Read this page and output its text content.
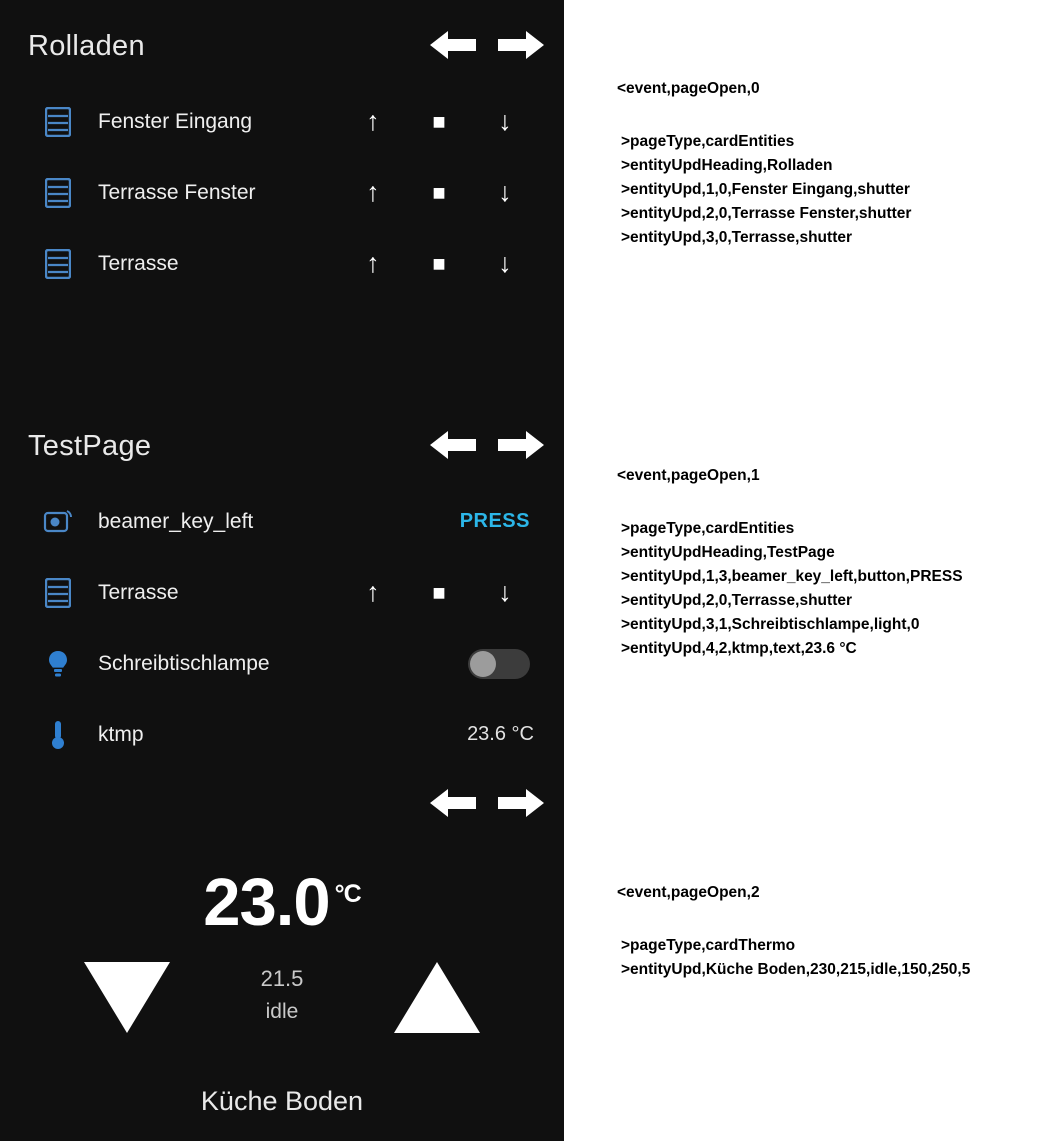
Rolladen
Fenster Eingang	↑	■	↓
Terrasse Fenster	↑	■	↓
Terrasse	↑	■	↓
TestPage
beamer_key_left	PRESS
Terrasse	↑	■	↓
Schreibtischlampe
ktmp	23.6 °C
23.0 $^{^\circ C}$
21.5
idle
Küche Boden
<event,pageOpen,0
>pageType,cardEntities
>entityUpdHeading,Rolladen
>entityUpd,1,0,Fenster Eingang,shutter
>entityUpd,2,0,Terrasse Fenster,shutter
>entityUpd,3,0,Terrasse,shutter
<event,pageOpen,1
>pageType,cardEntities
>entityUpdHeading,TestPage
>entityUpd,1,3,beamer_key_left,button,PRESS
>entityUpd,2,0,Terrasse,shutter
>entityUpd,3,1,Schreibtischlampe,light,0
>entityUpd,4,2,ktmp,text,23.6 °C
<event,pageOpen,2
>pageType,cardThermo
>entityUpd,Küche Boden,230,215,idle,150,250,5
